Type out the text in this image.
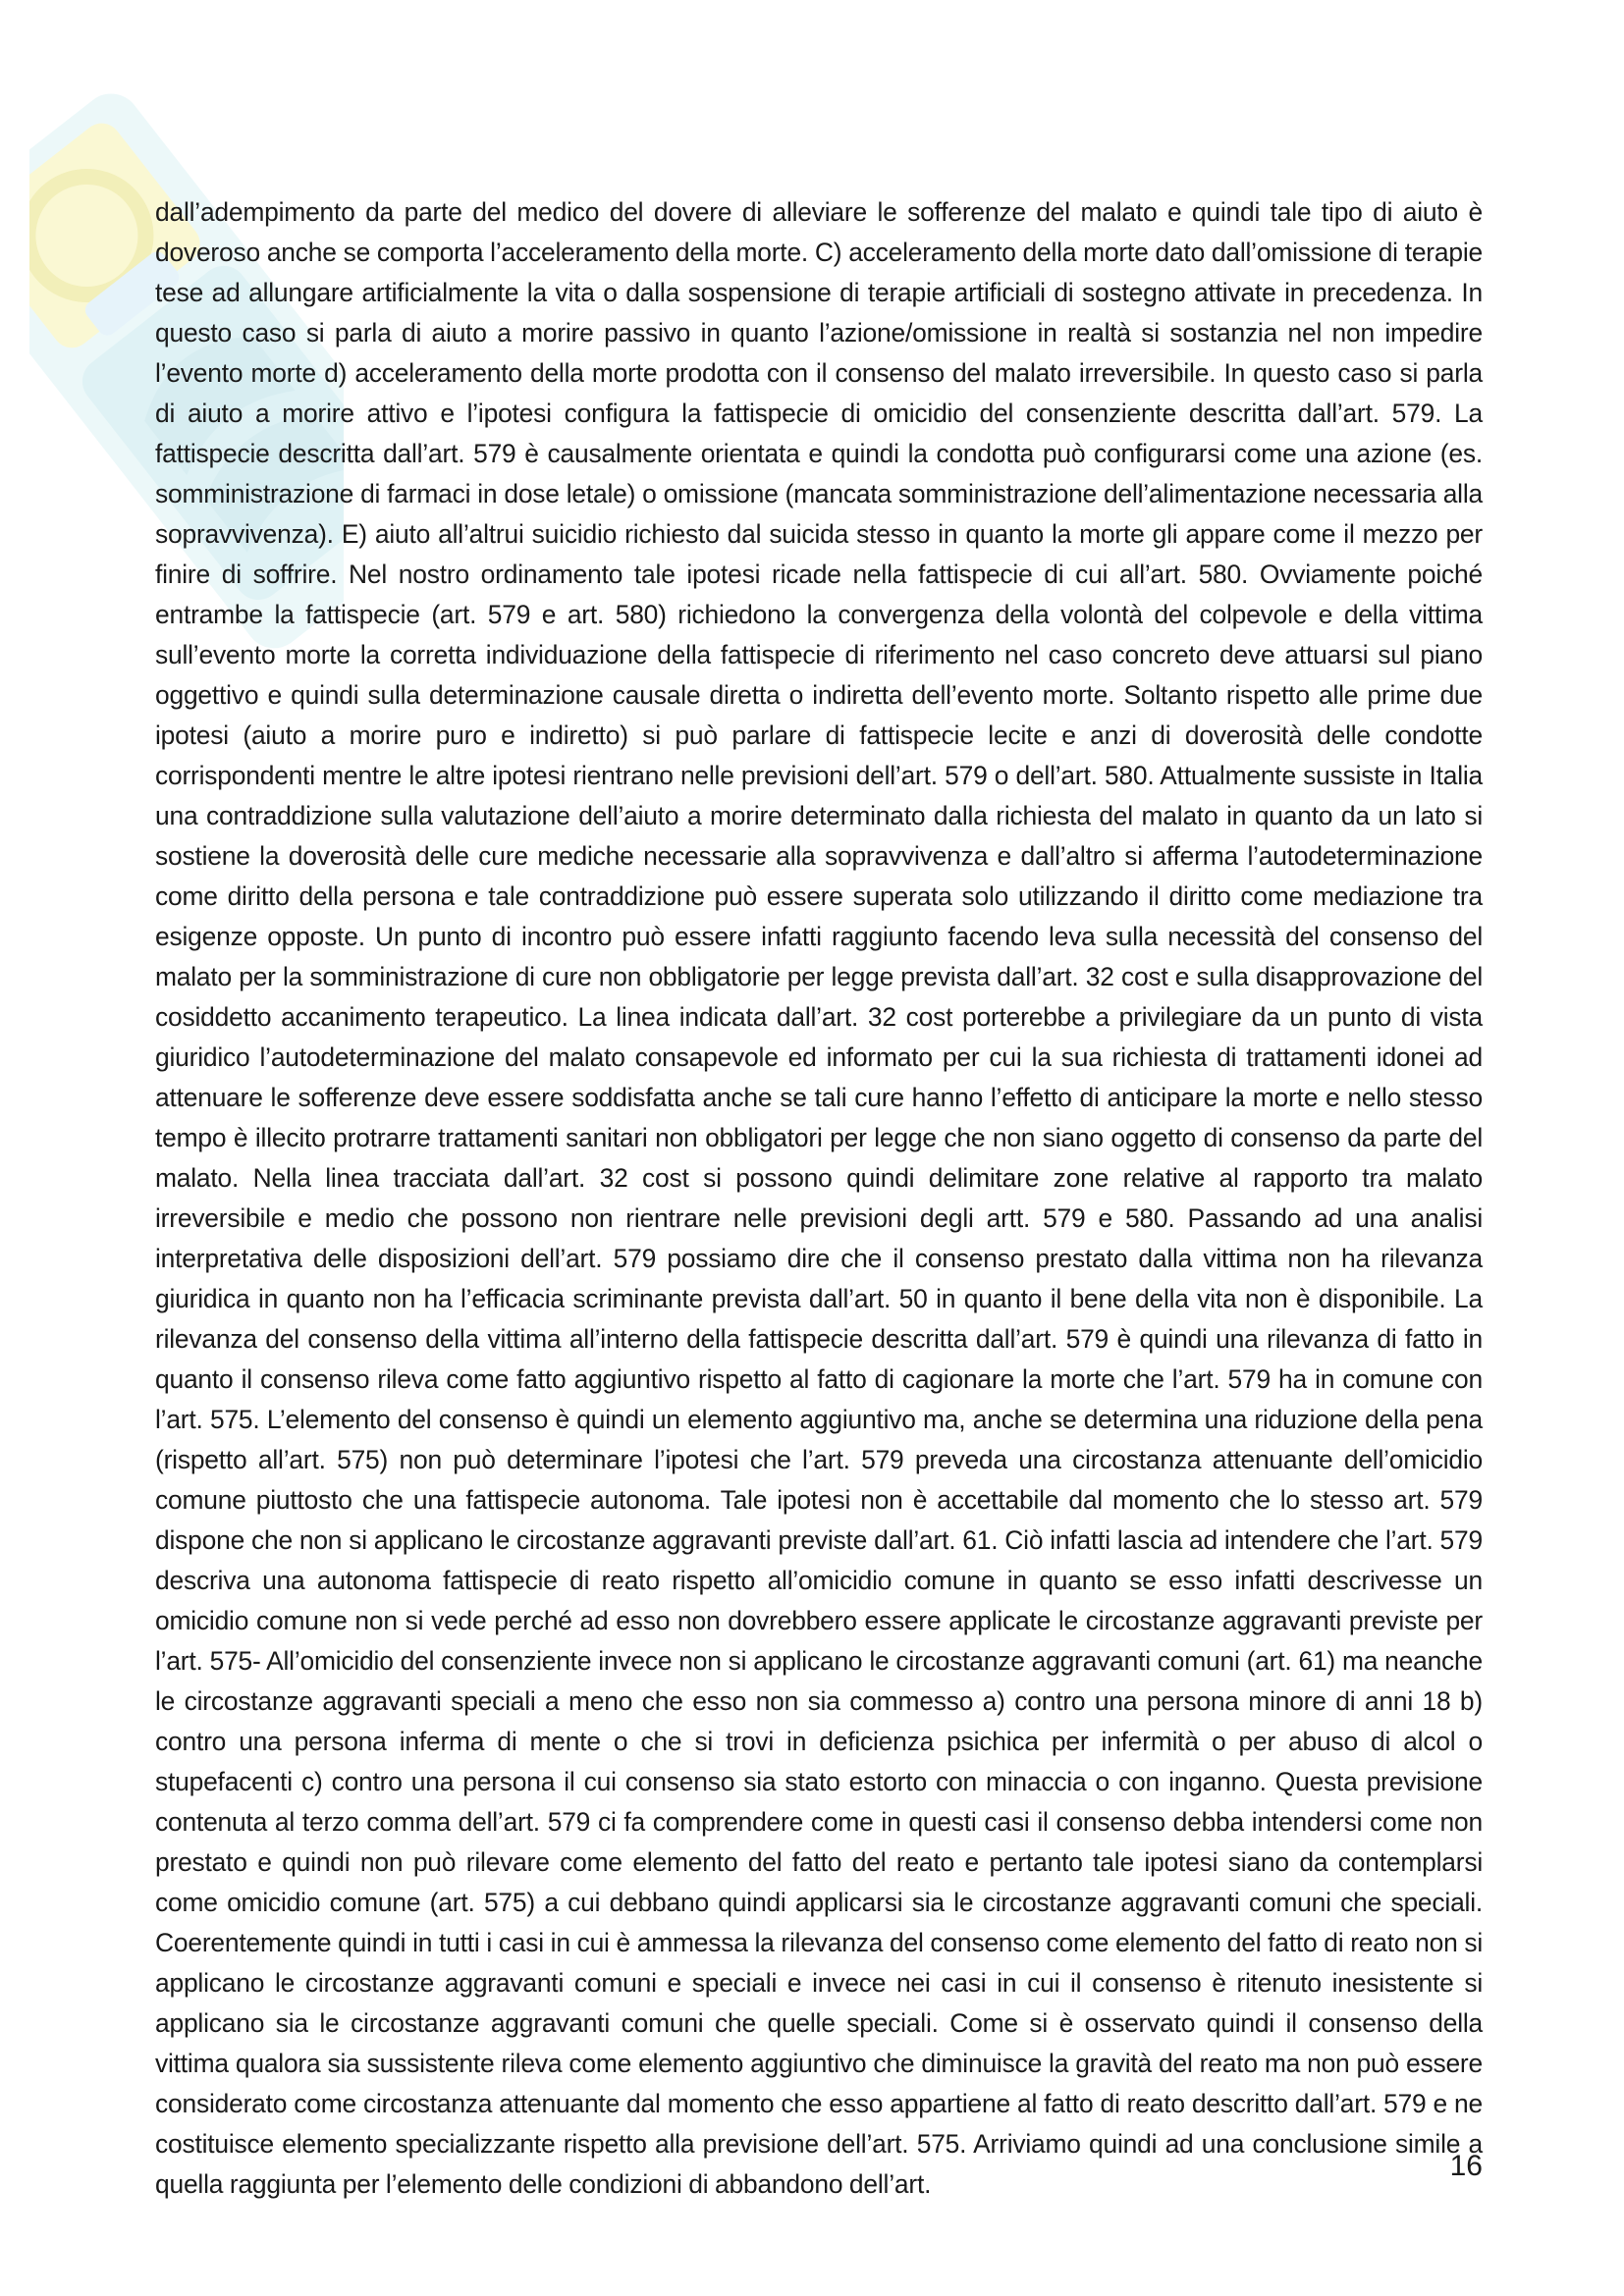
dall’adempimento da parte del medico del dovere di alleviare le sofferenze del malato e quindi tale tipo di aiuto è doveroso anche se comporta l’acceleramento della morte. C) acceleramento della morte dato dall’omissione di terapie tese ad allungare artificialmente la vita o dalla sospensione di terapie artificiali di sostegno attivate in precedenza. In questo caso si parla di aiuto a morire passivo in quanto l’azione/omissione in realtà si sostanzia nel non impedire l’evento morte d) acceleramento della morte prodotta con il consenso del malato irreversibile. In questo caso si parla di aiuto a morire attivo e l’ipotesi configura la fattispecie di omicidio del consenziente descritta dall’art. 579. La fattispecie descritta dall’art. 579 è causalmente orientata e quindi la condotta può configurarsi come una azione (es. somministrazione di farmaci in dose letale) o omissione (mancata somministrazione dell’alimentazione necessaria alla sopravvivenza). E) aiuto all’altrui suicidio richiesto dal suicida stesso in quanto la morte gli appare come il mezzo per finire di soffrire. Nel nostro ordinamento tale ipotesi ricade nella fattispecie di cui all’art. 580. Ovviamente poiché entrambe la fattispecie (art. 579 e art. 580) richiedono la convergenza della volontà del colpevole e della vittima sull’evento morte la corretta individuazione della fattispecie di riferimento nel caso concreto deve attuarsi sul piano oggettivo e quindi sulla determinazione causale diretta o indiretta dell’evento morte. Soltanto rispetto alle prime due ipotesi (aiuto a morire puro e indiretto) si può parlare di fattispecie lecite e anzi di doverosità delle condotte corrispondenti mentre le altre ipotesi rientrano nelle previsioni dell’art. 579 o dell’art. 580. Attualmente sussiste in Italia una contraddizione sulla valutazione dell’aiuto a morire determinato dalla richiesta del malato in quanto da un lato si sostiene la doverosità delle cure mediche necessarie alla sopravvivenza e dall’altro si afferma l’autodeterminazione come diritto della persona e tale contraddizione può essere superata solo utilizzando il diritto come mediazione tra esigenze opposte. Un punto di incontro può essere infatti raggiunto facendo leva sulla necessità del consenso del malato per la somministrazione di cure non obbligatorie per legge prevista dall’art. 32 cost e sulla disapprovazione del cosiddetto accanimento terapeutico. La linea indicata dall’art. 32 cost porterebbe a privilegiare da un punto di vista giuridico l’autodeterminazione del malato consapevole ed informato per cui la sua richiesta di trattamenti idonei ad attenuare le sofferenze deve essere soddisfatta anche se tali cure hanno l’effetto di anticipare la morte e nello stesso tempo è illecito protrarre trattamenti sanitari non obbligatori per legge che non siano oggetto di consenso da parte del malato. Nella linea tracciata dall’art. 32 cost si possono quindi delimitare zone relative al rapporto tra malato irreversibile e medio che possono non rientrare nelle previsioni degli artt. 579 e 580. Passando ad una analisi interpretativa delle disposizioni dell’art. 579 possiamo dire che il consenso prestato dalla vittima non ha rilevanza giuridica in quanto non ha l’efficacia scriminante prevista dall’art. 50 in quanto il bene della vita non è disponibile. La rilevanza del consenso della vittima all’interno della fattispecie descritta dall’art. 579 è quindi una rilevanza di fatto in quanto il consenso rileva come fatto aggiuntivo rispetto al fatto di cagionare la morte che l’art. 579 ha in comune con l’art. 575. L’elemento del consenso è quindi un elemento aggiuntivo ma, anche se determina una riduzione della pena (rispetto all’art. 575) non può determinare l’ipotesi che l’art. 579 preveda una circostanza attenuante dell’omicidio comune piuttosto che una fattispecie autonoma. Tale ipotesi non è accettabile dal momento che lo stesso art. 579 dispone che non si applicano le circostanze aggravanti previste dall’art. 61. Ciò infatti lascia ad intendere che l’art. 579 descriva una autonoma fattispecie di reato rispetto all’omicidio comune in quanto se esso infatti descrivesse un omicidio comune non si vede perché ad esso non dovrebbero essere applicate le circostanze aggravanti previste per l’art. 575- All’omicidio del consenziente invece non si applicano le circostanze aggravanti comuni (art. 61) ma neanche le circostanze aggravanti speciali a meno che esso non sia commesso a) contro una persona minore di anni 18 b) contro una persona inferma di mente o che si trovi in deficienza psichica per infermità o per abuso di alcol o stupefacenti c) contro una persona il cui consenso sia stato estorto con minaccia o con inganno. Questa previsione contenuta al terzo comma dell’art. 579 ci fa comprendere come in questi casi il consenso debba intendersi come non prestato e quindi non può rilevare come elemento del fatto del reato e pertanto tale ipotesi siano da contemplarsi come omicidio comune (art. 575) a cui debbano quindi applicarsi sia le circostanze aggravanti comuni che speciali. Coerentemente quindi in tutti i casi in cui è ammessa la rilevanza del consenso come elemento del fatto di reato non si applicano le circostanze aggravanti comuni e speciali e invece nei casi in cui il consenso è ritenuto inesistente si applicano sia le circostanze aggravanti comuni che quelle speciali. Come si è osservato quindi il consenso della vittima qualora sia sussistente rileva come elemento aggiuntivo che diminuisce la gravità del reato ma non può essere considerato come circostanza attenuante dal momento che esso appartiene al fatto di reato descritto dall’art. 579 e ne costituisce elemento specializzante rispetto alla previsione dell’art. 575. Arriviamo quindi ad una conclusione simile a quella raggiunta per l’elemento delle condizioni di abbandono dell’art.

16
